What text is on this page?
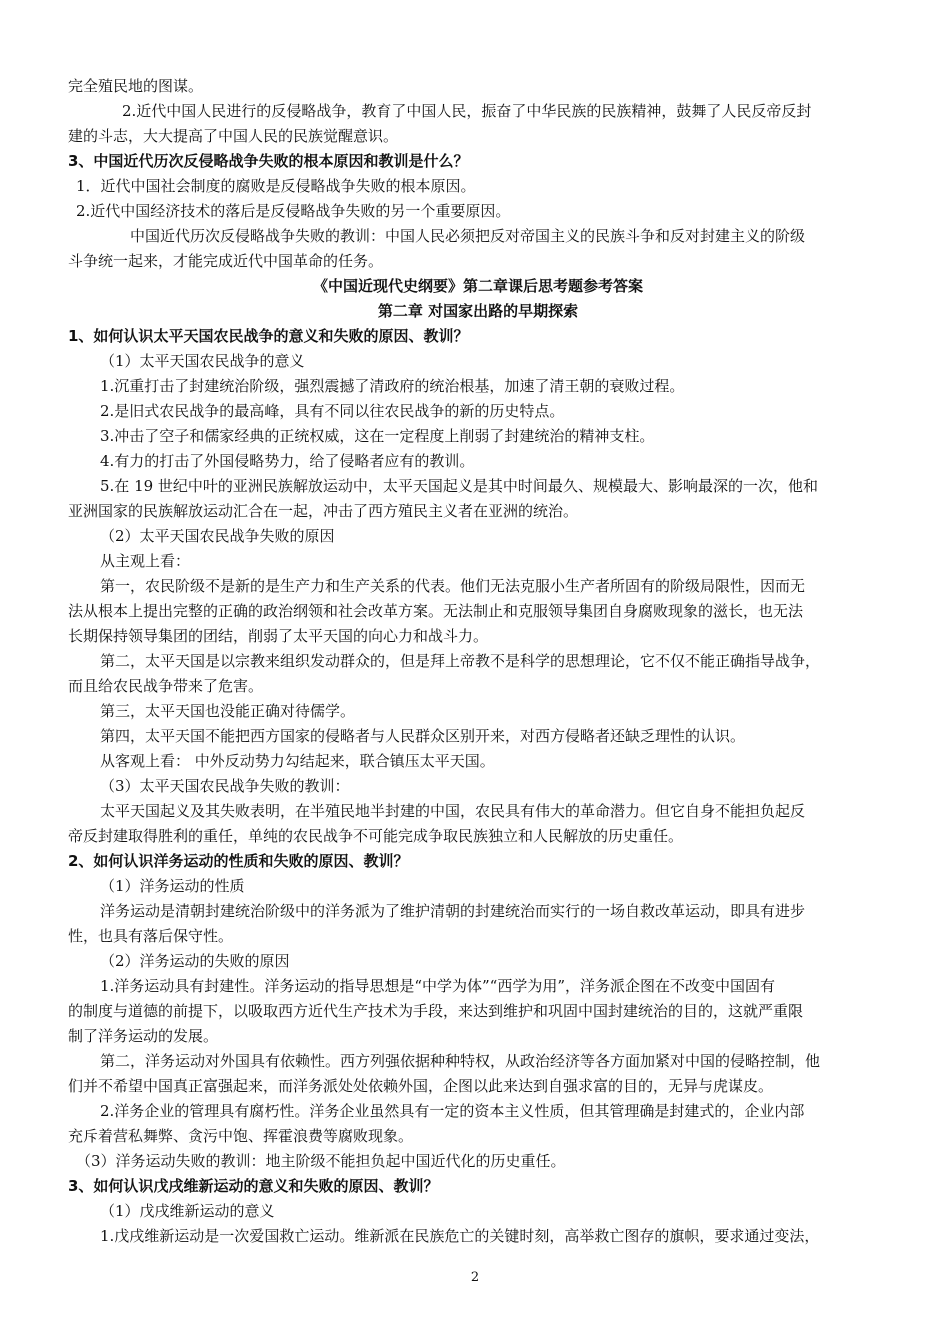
完全殖民地的图谋。
2.近代中国人民进行的反侵略战争，教育了中国人民，振奋了中华民族的民族精神，鼓舞了人民反帝反封
建的斗志，大大提高了中国人民的民族觉醒意识。
3、中国近代历次反侵略战争失败的根本原因和教训是什么？
1．近代中国社会制度的腐败是反侵略战争失败的根本原因。
2.近代中国经济技术的落后是反侵略战争失败的另一个重要原因。
中国近代历次反侵略战争失败的教训：中国人民必须把反对帝国主义的民族斗争和反对封建主义的阶级
斗争统一起来，才能完成近代中国革命的任务。
《中国近现代史纲要》第二章课后思考题参考答案
第二章 对国家出路的早期探索
1、如何认识太平天国农民战争的意义和失败的原因、教训？
（1）太平天国农民战争的意义
1.沉重打击了封建统治阶级，强烈震撼了清政府的统治根基，加速了清王朝的衰败过程。
2.是旧式农民战争的最高峰，具有不同以往农民战争的新的历史特点。
3.冲击了空子和儒家经典的正统权威，这在一定程度上削弱了封建统治的精神支柱。
4.有力的打击了外国侵略势力，给了侵略者应有的教训。
5.在 19 世纪中叶的亚洲民族解放运动中，太平天国起义是其中时间最久、规模最大、影响最深的一次，他和
亚洲国家的民族解放运动汇合在一起，冲击了西方殖民主义者在亚洲的统治。
（2）太平天国农民战争失败的原因
从主观上看：
第一，农民阶级不是新的是生产力和生产关系的代表。他们无法克服小生产者所固有的阶级局限性，因而无
法从根本上提出完整的正确的政治纲领和社会改革方案。无法制止和克服领导集团自身腐败现象的滋长，也无法
长期保持领导集团的团结，削弱了太平天国的向心力和战斗力。
第二，太平天国是以宗教来组织发动群众的，但是拜上帝教不是科学的思想理论，它不仅不能正确指导战争，
而且给农民战争带来了危害。
第三，太平天国也没能正确对待儒学。
第四，太平天国不能把西方国家的侵略者与人民群众区别开来，对西方侵略者还缺乏理性的认识。
从客观上看： 中外反动势力勾结起来，联合镇压太平天国。
（3）太平天国农民战争失败的教训：
太平天国起义及其失败表明，在半殖民地半封建的中国，农民具有伟大的革命潜力。但它自身不能担负起反
帝反封建取得胜利的重任，单纯的农民战争不可能完成争取民族独立和人民解放的历史重任。
2、如何认识洋务运动的性质和失败的原因、教训？
（1）洋务运动的性质
洋务运动是清朝封建统治阶级中的洋务派为了维护清朝的封建统治而实行的一场自救改革运动，即具有进步
性，也具有落后保守性。
（2）洋务运动的失败的原因
1.洋务运动具有封建性。洋务运动的指导思想是“中学为体”“西学为用”，洋务派企图在不改变中国固有
的制度与道德的前提下，以吸取西方近代生产技术为手段，来达到维护和巩固中国封建统治的目的，这就严重限
制了洋务运动的发展。
第二，洋务运动对外国具有依赖性。西方列强依据种种特权，从政治经济等各方面加紧对中国的侵略控制，他
们并不希望中国真正富强起来，而洋务派处处依赖外国，企图以此来达到自强求富的目的，无异与虎谋皮。
2.洋务企业的管理具有腐朽性。洋务企业虽然具有一定的资本主义性质，但其管理确是封建式的，企业内部
充斥着营私舞弊、贪污中饱、挥霍浪费等腐败现象。
（3）洋务运动失败的教训：地主阶级不能担负起中国近代化的历史重任。
3、如何认识戊戌维新运动的意义和失败的原因、教训？
（1）戊戌维新运动的意义
1.戊戌维新运动是一次爱国救亡运动。维新派在民族危亡的关键时刻，高举救亡图存的旗帜，要求通过变法，
2
